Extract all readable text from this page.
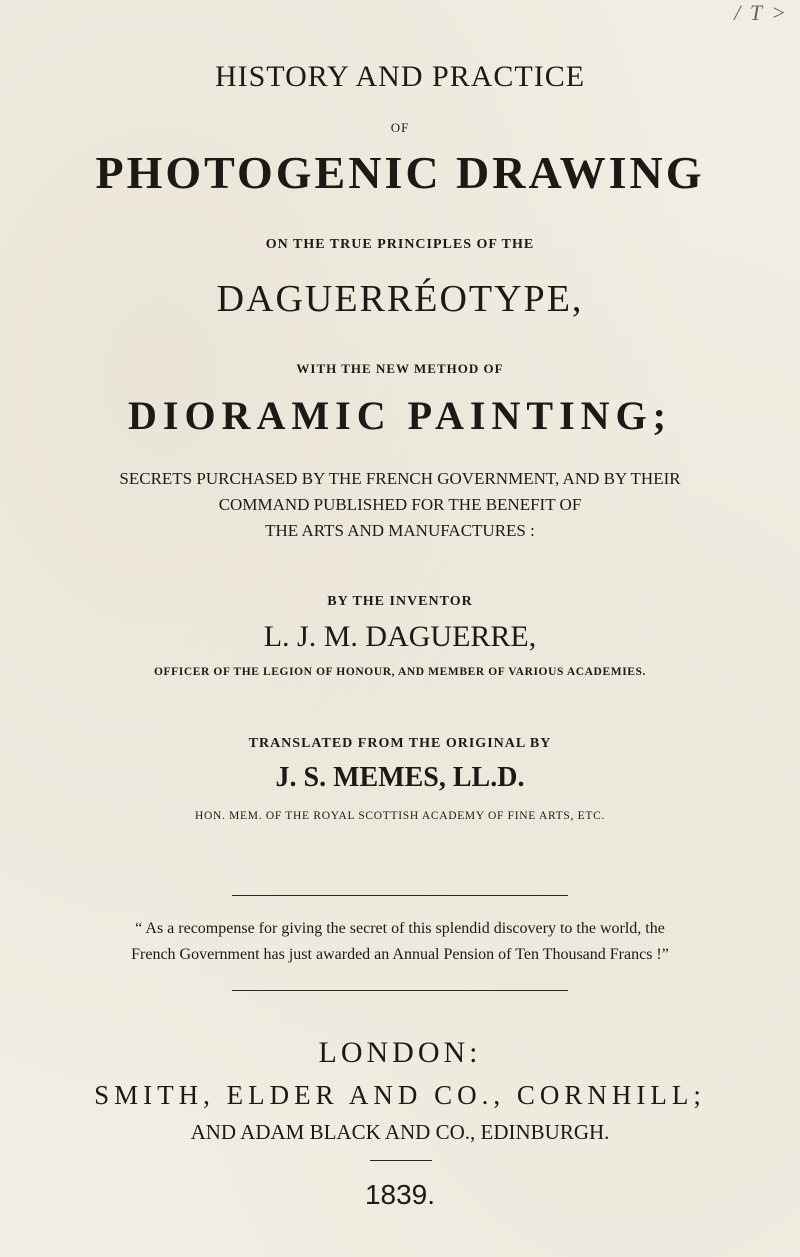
/ T >
HISTORY AND PRACTICE
OF
PHOTOGENIC DRAWING
ON THE TRUE PRINCIPLES OF THE
DAGUERRÉOTYPE,
WITH THE NEW METHOD OF
DIORAMIC PAINTING;
SECRETS PURCHASED BY THE FRENCH GOVERNMENT, AND BY THEIR
COMMAND PUBLISHED FOR THE BENEFIT OF
THE ARTS AND MANUFACTURES :
BY THE INVENTOR
L. J. M. DAGUERRE,
OFFICER OF THE LEGION OF HONOUR, AND MEMBER OF VARIOUS ACADEMIES.
TRANSLATED FROM THE ORIGINAL BY
J. S. MEMES, LL.D.
HON. MEM. OF THE ROYAL SCOTTISH ACADEMY OF FINE ARTS, ETC.
“ As a recompense for giving the secret of this splendid discovery to the world, the
French Government has just awarded an Annual Pension of Ten Thousand Francs !”
LONDON:
SMITH, ELDER AND CO., CORNHILL;
AND ADAM BLACK AND CO., EDINBURGH.
1839.
